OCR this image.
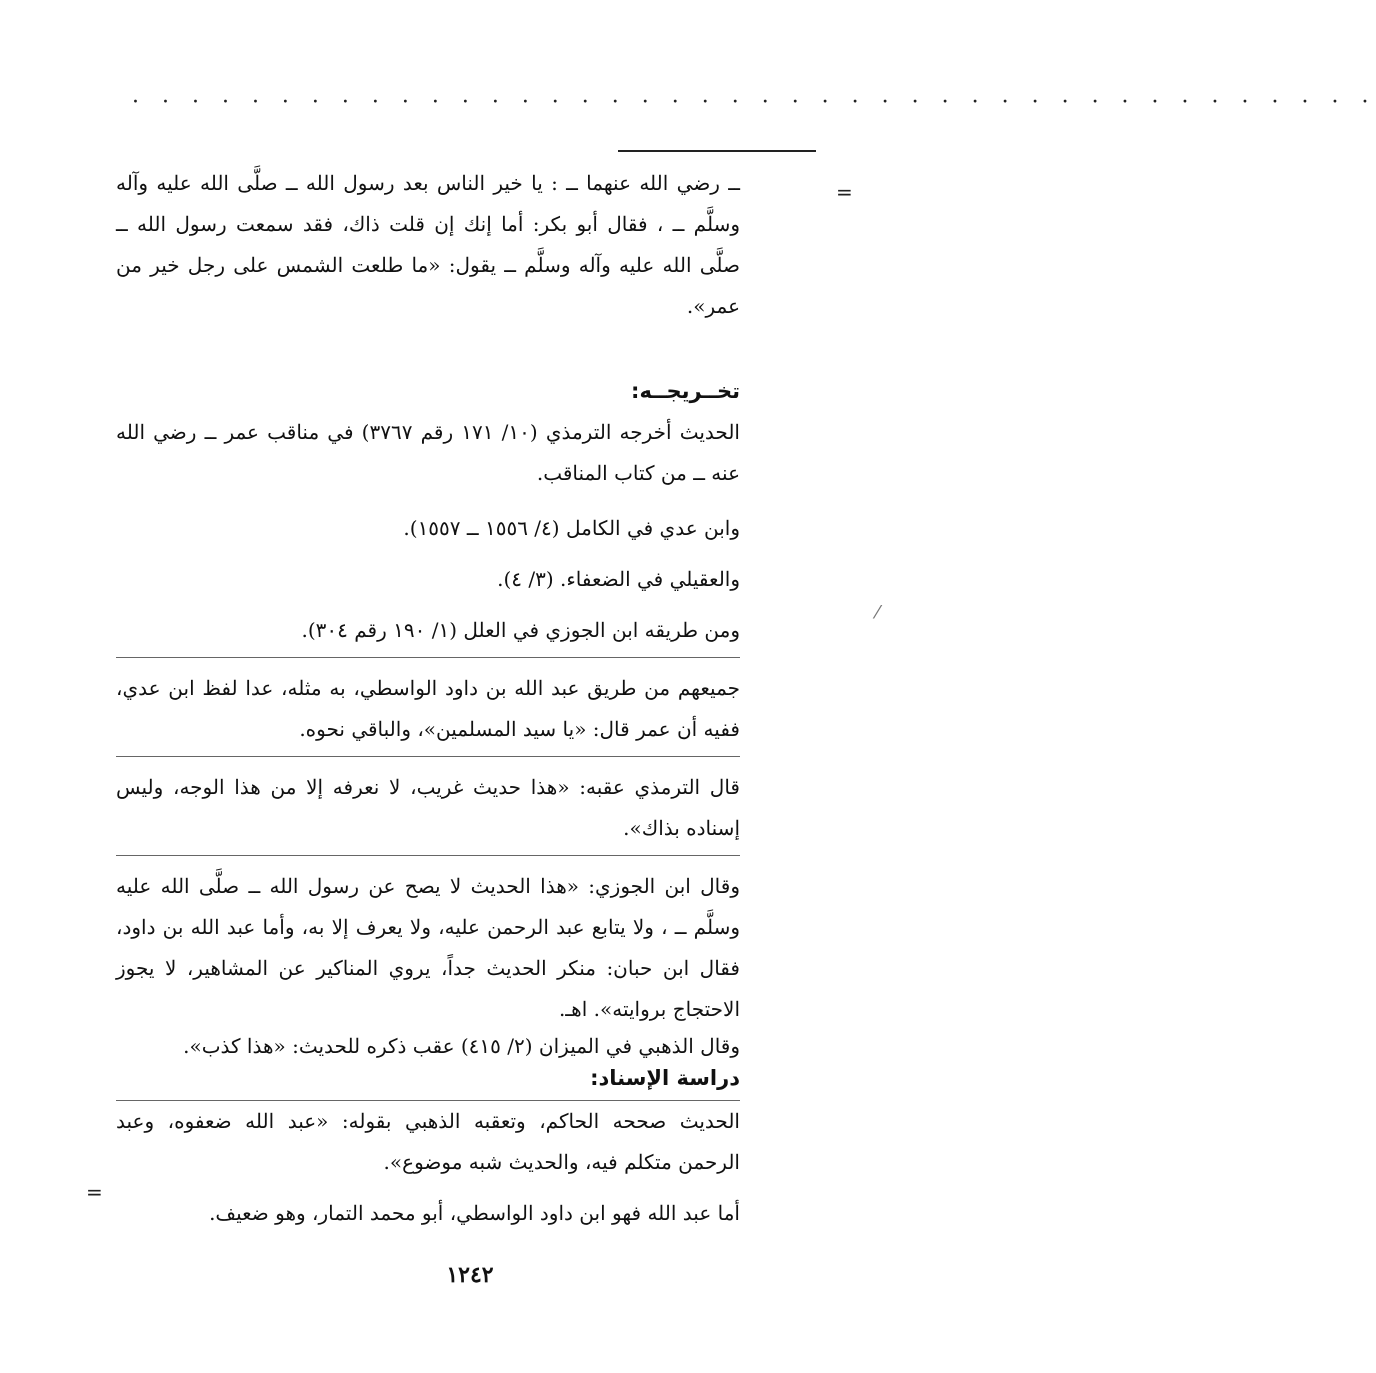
· · · · · · · · · · · · · · · · · · · · · · · · · · · · · · · · · · · · · · · · · ·
=
=
⁄

ــ رضي الله عنهما ــ : يا خير الناس بعد رسول الله ــ صلَّى الله عليه وآله وسلَّم ــ ، فقال أبو بكر: أما إنك إن قلت ذاك، فقد سمعت رسول الله ــ صلَّى الله عليه وآله وسلَّم ــ يقول: «ما طلعت الشمس على رجل خير من عمر».

تخــريجــه:

الحديث أخرجه الترمذي (١٠/ ١٧١ رقم ٣٧٦٧) في مناقب عمر ــ رضي الله عنه ــ من كتاب المناقب.

وابن عدي في الكامل (٤/ ١٥٥٦ ــ ١٥٥٧).

والعقيلي في الضعفاء. (٣/ ٤).

ومن طريقه ابن الجوزي في العلل (١/ ١٩٠ رقم ٣٠٤).

جميعهم من طريق عبد الله بن داود الواسطي، به مثله، عدا لفظ ابن عدي، ففيه أن عمر قال: «يا سيد المسلمين»، والباقي نحوه.

قال الترمذي عقبه: «هذا حديث غريب، لا نعرفه إلا من هذا الوجه، وليس إسناده بذاك».

وقال ابن الجوزي: «هذا الحديث لا يصح عن رسول الله ــ صلَّى الله عليه وسلَّم ــ ، ولا يتابع عبد الرحمن عليه، ولا يعرف إلا به، وأما عبد الله بن داود، فقال ابن حبان: منكر الحديث جداً، يروي المناكير عن المشاهير، لا يجوز الاحتجاج بروايته». اهـ.

وقال الذهبي في الميزان (٢/ ٤١٥) عقب ذكره للحديث: «هذا كذب».

دراسة الإسناد:

الحديث صححه الحاكم، وتعقبه الذهبي بقوله: «عبد الله ضعفوه، وعبد الرحمن متكلم فيه، والحديث شبه موضوع».

أما عبد الله فهو ابن داود الواسطي، أبو محمد التمار، وهو ضعيف.

١٢٤٢
